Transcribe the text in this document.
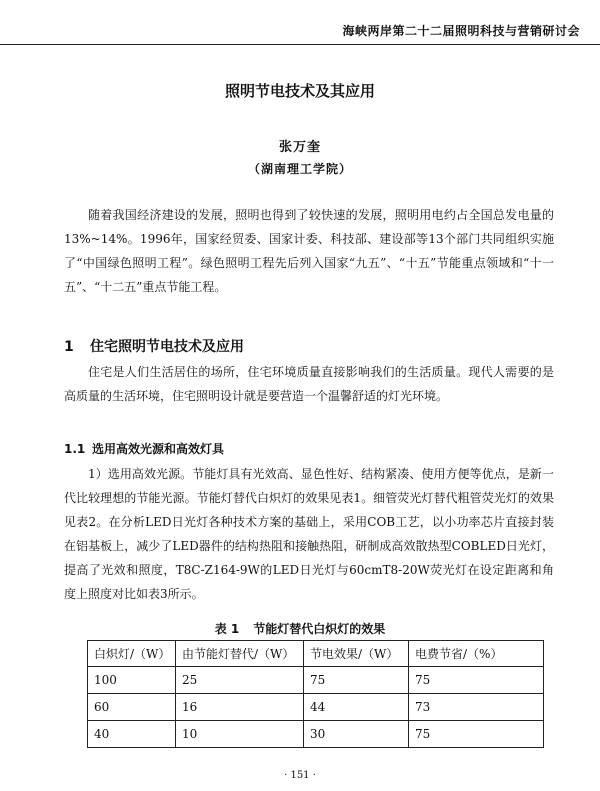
海峡两岸第二十二届照明科技与营销研讨会
照明节电技术及其应用
张万奎
（湖南理工学院）

随着我国经济建设的发展，照明也得到了较快速的发展，照明用电约占全国总发电量的13%~14%。1996年，国家经贸委、国家计委、科技部、建设部等13个部门共同组织实施了“中国绿色照明工程”。绿色照明工程先后列入国家“九五”、“十五”节能重点领域和“十一五”、“十二五”重点节能工程。

1 住宅照明节电技术及应用

住宅是人们生活居住的场所，住宅环境质量直接影响我们的生活质量。现代人需要的是高质量的生活环境，住宅照明设计就是要营造一个温馨舒适的灯光环境。

1.1 选用高效光源和高效灯具

1）选用高效光源。节能灯具有光效高、显色性好、结构紧凑、使用方便等优点，是新一代比较理想的节能光源。节能灯替代白炽灯的效果见表1。细管荧光灯替代粗管荧光灯的效果见表2。在分析LED日光灯各种技术方案的基础上，采用COB工艺，以小功率芯片直接封装在铝基板上，减少了LED器件的结构热阻和接触热阻，研制成高效散热型COBLED日光灯，提高了光效和照度，T8C-Z164-9W的LED日光灯与60cmT8-20W荧光灯在设定距离和角度上照度对比如表3所示。

表 1 节能灯替代白炽灯的效果
白炽灯/（W）	由节能灯替代/（W）	节电效果/（W）	电费节省/（%）
100	25	75	75
60	16	44	73
40	10	30	75
· 151 ·
